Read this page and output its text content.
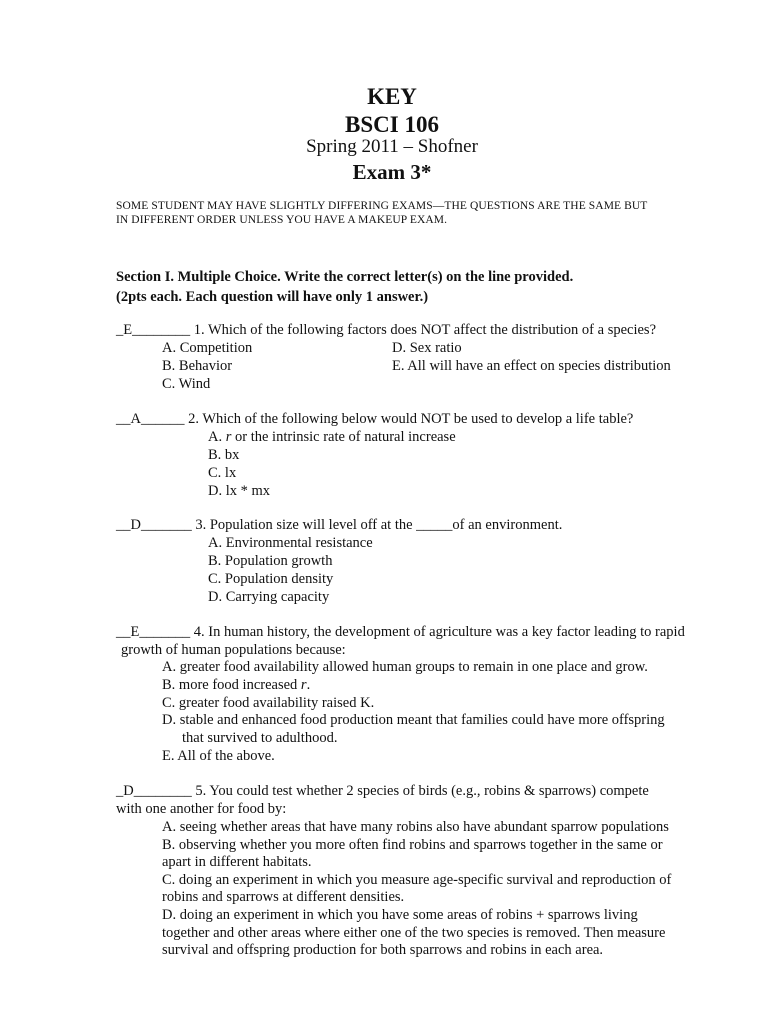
KEY
BSCI 106
Spring 2011 – Shofner
Exam 3*
SOME STUDENT MAY HAVE SLIGHTLY DIFFERING EXAMS—THE QUESTIONS ARE THE SAME BUT
IN DIFFERENT ORDER UNLESS YOU HAVE A MAKEUP EXAM.
Section I. Multiple Choice. Write the correct letter(s) on the line provided.
(2pts each. Each question will have only 1 answer.)
_E________ 1. Which of the following factors does NOT affect the distribution of a species?
A. Competition
B. Behavior
C. Wind
D. Sex ratio
E. All will have an effect on species distribution
__A______ 2. Which of the following below would NOT be used to develop a life table?
A. r or the intrinsic rate of natural increase
B. bx
C. lx
D. lx * mx
__D_______ 3. Population size will level off at the _____of an environment.
A. Environmental resistance
B. Population growth
C. Population density
D. Carrying capacity
__E_______ 4. In human history, the development of agriculture was a key factor leading to rapid
growth of human populations because:
A. greater food availability allowed human groups to remain in one place and grow.
B. more food increased r.
C. greater food availability raised K.
D. stable and enhanced food production meant that families could have more offspring
that survived to adulthood.
E. All of the above.
_D________ 5. You could test whether 2 species of birds (e.g., robins & sparrows) compete
with one another for food by:
A. seeing whether areas that have many robins also have abundant sparrow populations
B. observing whether you more often find robins and sparrows together in the same or
apart in different habitats.
C. doing an experiment in which you measure age-specific survival and reproduction of
robins and sparrows at different densities.
D. doing an experiment in which you have some areas of robins + sparrows living
together and other areas where either one of the two species is removed. Then measure
survival and offspring production for both sparrows and robins in each area.
